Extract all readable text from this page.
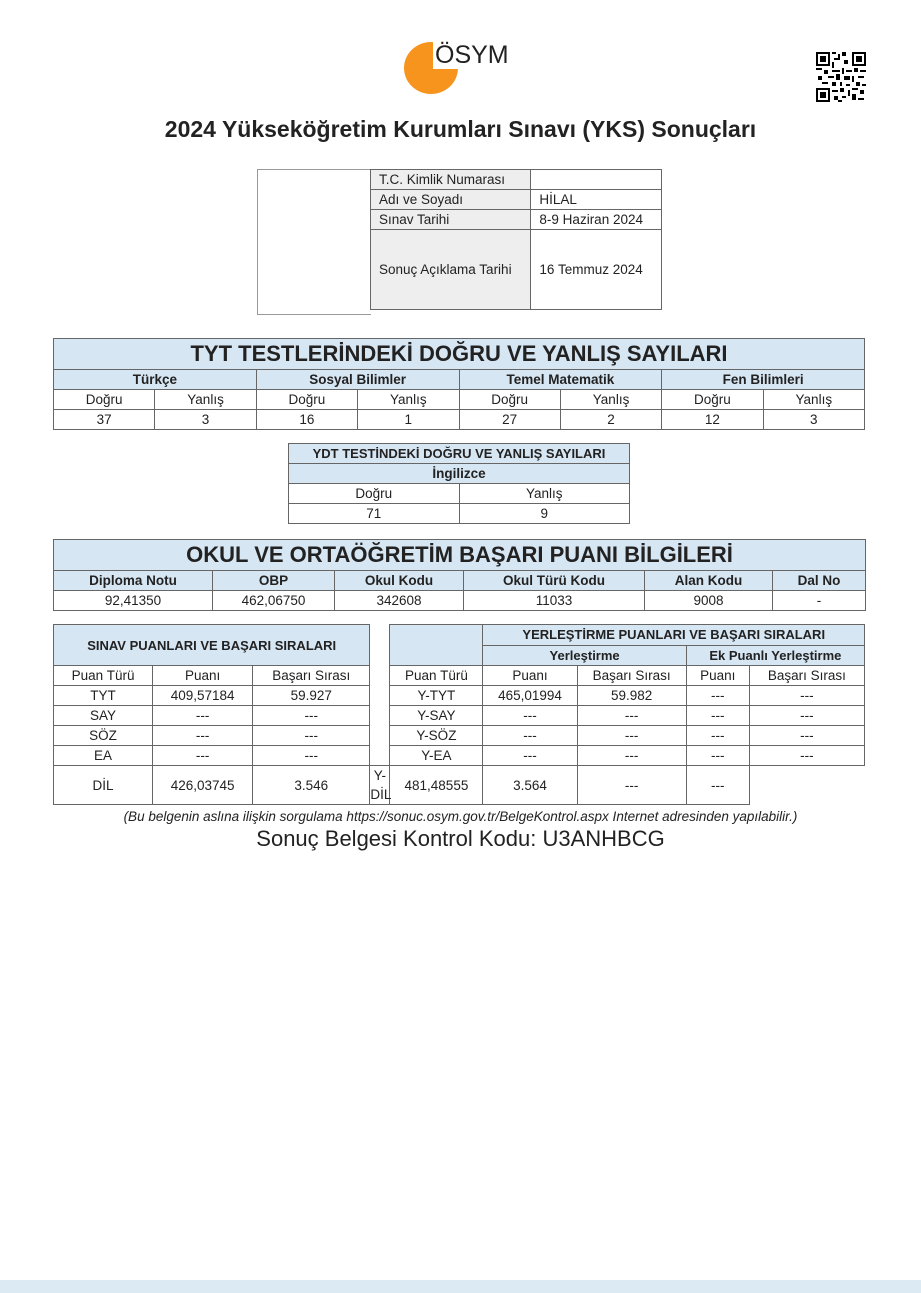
ÖSYM
2024 Yükseköğretim Kurumları Sınavı (YKS) Sonuçları
T.C. Kimlik Numarası	
Adı ve Soyadı	HİLAL
Sınav Tarihi	8-9 Haziran 2024
Sonuç Açıklama Tarihi	16 Temmuz 2024
TYT TESTLERİNDEKİ DOĞRU VE YANLIŞ SAYILARI							
Türkçe		Sosyal Bilimler		Temel Matematik		Fen Bilimleri	
Doğru	Yanlış	Doğru	Yanlış	Doğru	Yanlış	Doğru	Yanlış
37	3	16	1	27	2	12	3
YDT TESTİNDEKİ DOĞRU VE YANLIŞ SAYILARI	
İngilizce	
Doğru	Yanlış
71	9
OKUL VE ORTAÖĞRETİM BAŞARI PUANI BİLGİLERİ					
Diploma Notu	OBP	Okul Kodu	Okul Türü Kodu	Alan Kodu	Dal No
92,41350	462,06750	342608	11033	9008	-
SINAV PUANLARI VE BAŞARI SIRALARI					YERLEŞTİRME PUANLARI VE BAŞARI SIRALARI			
					Yerleştirme		Ek Puanlı Yerleştirme	
Puan Türü	Puanı	Başarı Sırası		Puan Türü	Puanı	Başarı Sırası	Puanı	Başarı Sırası
TYT	409,57184	59.927		Y-TYT	465,01994	59.982	---	---
SAY	---	---		Y-SAY	---	---	---	---
SÖZ	---	---		Y-SÖZ	---	---	---	---
EA	---	---		Y-EA	---	---	---	---
DİL	426,03745	3.546	Y-DİL	481,48555	3.564	---	---	
(Bu belgenin aslına ilişkin sorgulama https://sonuc.osym.gov.tr/BelgeKontrol.aspx Internet adresinden yapılabilir.)
Sonuç Belgesi Kontrol Kodu: U3ANHBCG
